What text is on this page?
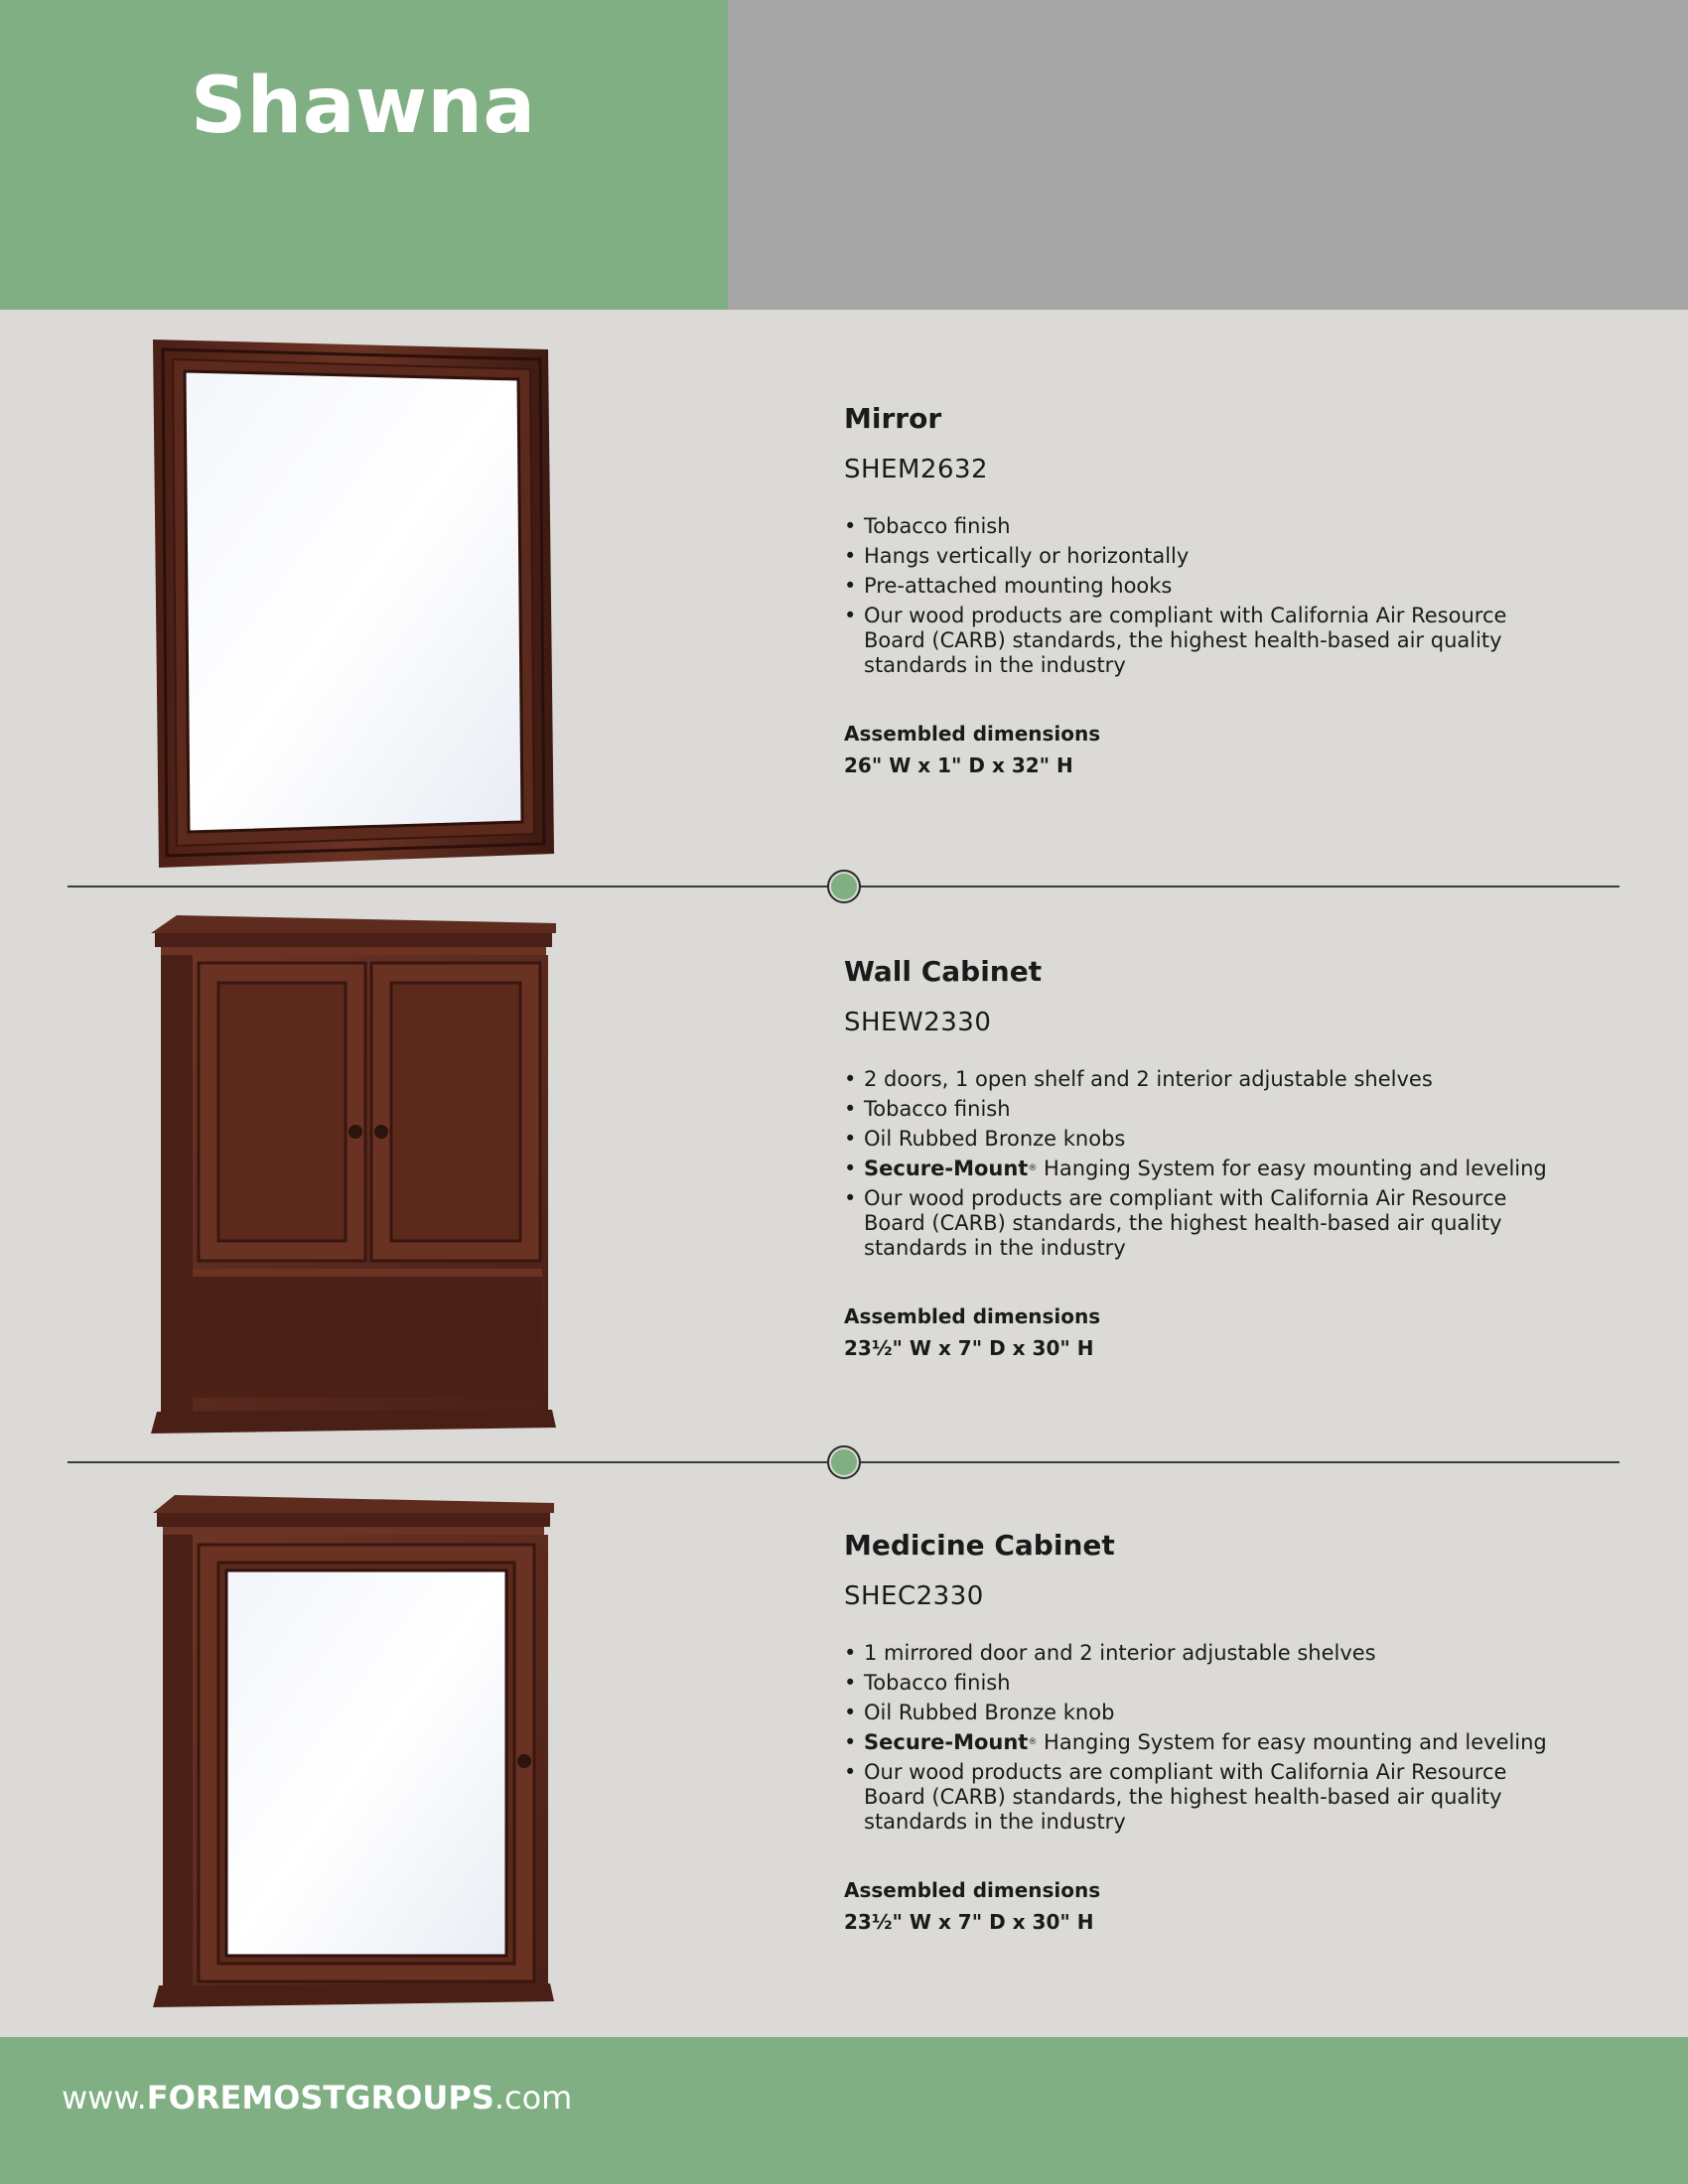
Shawna
Mirror
SHEM2632
• Tobacco finish
• Hangs vertically or horizontally
• Pre-attached mounting hooks
• Our wood products are compliant with California Air Resource Board (CARB) standards, the highest health-based air quality standards in the industry
Assembled dimensions
26" W x 1" D x 32" H
Wall Cabinet
SHEW2330
• 2 doors, 1 open shelf and 2 interior adjustable shelves
• Tobacco finish
• Oil Rubbed Bronze knobs
• Secure-Mount® Hanging System for easy mounting and leveling
• Our wood products are compliant with California Air Resource Board (CARB) standards, the highest health-based air quality standards in the industry
Assembled dimensions
23½" W x 7" D x 30" H
Medicine Cabinet
SHEC2330
• 1 mirrored door and 2 interior adjustable shelves
• Tobacco finish
• Oil Rubbed Bronze knob
• Secure-Mount® Hanging System for easy mounting and leveling
• Our wood products are compliant with California Air Resource Board (CARB) standards, the highest health-based air quality standards in the industry
Assembled dimensions
23½" W x 7" D x 30" H
www.FOREMOSTGROUPS.com
